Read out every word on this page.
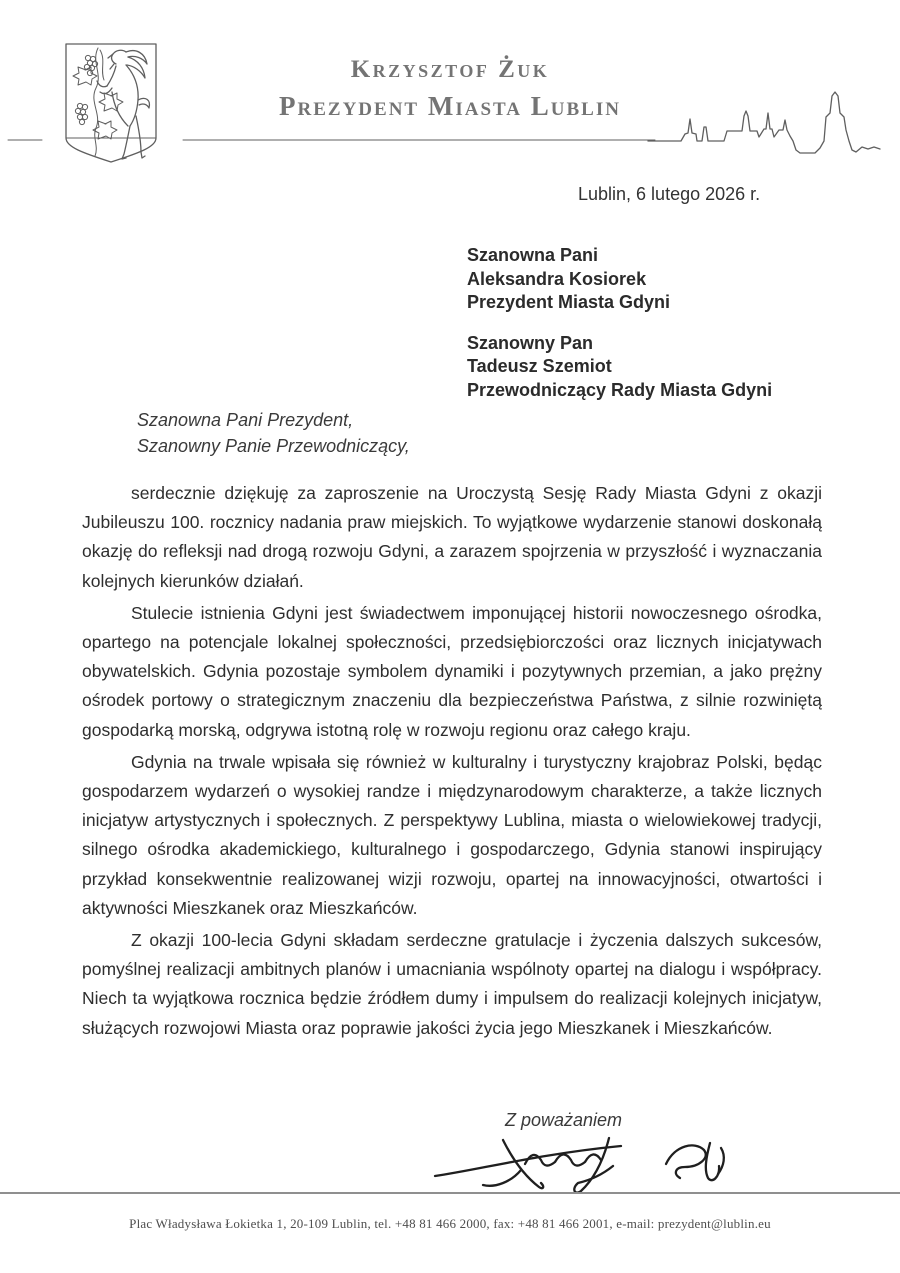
Krzysztof Żuk
Prezydent Miasta Lublin
Lublin, 6 lutego 2026 r.
Szanowna Pani
Aleksandra Kosiorek
Prezydent Miasta Gdyni
Szanowny Pan
Tadeusz Szemiot
Przewodniczący Rady Miasta Gdyni
Szanowna Pani Prezydent,
Szanowny Panie Przewodniczący,

serdecznie dziękuję za zaproszenie na Uroczystą Sesję Rady Miasta Gdyni z okazji Jubileuszu 100. rocznicy nadania praw miejskich. To wyjątkowe wydarzenie stanowi doskonałą okazję do refleksji nad drogą rozwoju Gdyni, a zarazem spojrzenia w przyszłość i wyznaczania kolejnych kierunków działań.

Stulecie istnienia Gdyni jest świadectwem imponującej historii nowoczesnego ośrodka, opartego na potencjale lokalnej społeczności, przedsiębiorczości oraz licznych inicjatywach obywatelskich. Gdynia pozostaje symbolem dynamiki i pozytywnych przemian, a jako prężny ośrodek portowy o strategicznym znaczeniu dla bezpieczeństwa Państwa, z silnie rozwiniętą gospodarką morską, odgrywa istotną rolę w rozwoju regionu oraz całego kraju.

Gdynia na trwale wpisała się również w kulturalny i turystyczny krajobraz Polski, będąc gospodarzem wydarzeń o wysokiej randze i międzynarodowym charakterze, a także licznych inicjatyw artystycznych i społecznych. Z perspektywy Lublina, miasta o wielowiekowej tradycji, silnego ośrodka akademickiego, kulturalnego i gospodarczego, Gdynia stanowi inspirujący przykład konsekwentnie realizowanej wizji rozwoju, opartej na innowacyjności, otwartości i aktywności Mieszkanek oraz Mieszkańców.

Z okazji 100-lecia Gdyni składam serdeczne gratulacje i życzenia dalszych sukcesów, pomyślnej realizacji ambitnych planów i umacniania wspólnoty opartej na dialogu i współpracy. Niech ta wyjątkowa rocznica będzie źródłem dumy i impulsem do realizacji kolejnych inicjatyw, służących rozwojowi Miasta oraz poprawie jakości życia jego Mieszkanek i Mieszkańców.

Z poważaniem
Plac Władysława Łokietka 1, 20-109 Lublin, tel. +48 81 466 2000, fax: +48 81 466 2001, e-mail: prezydent@lublin.eu
